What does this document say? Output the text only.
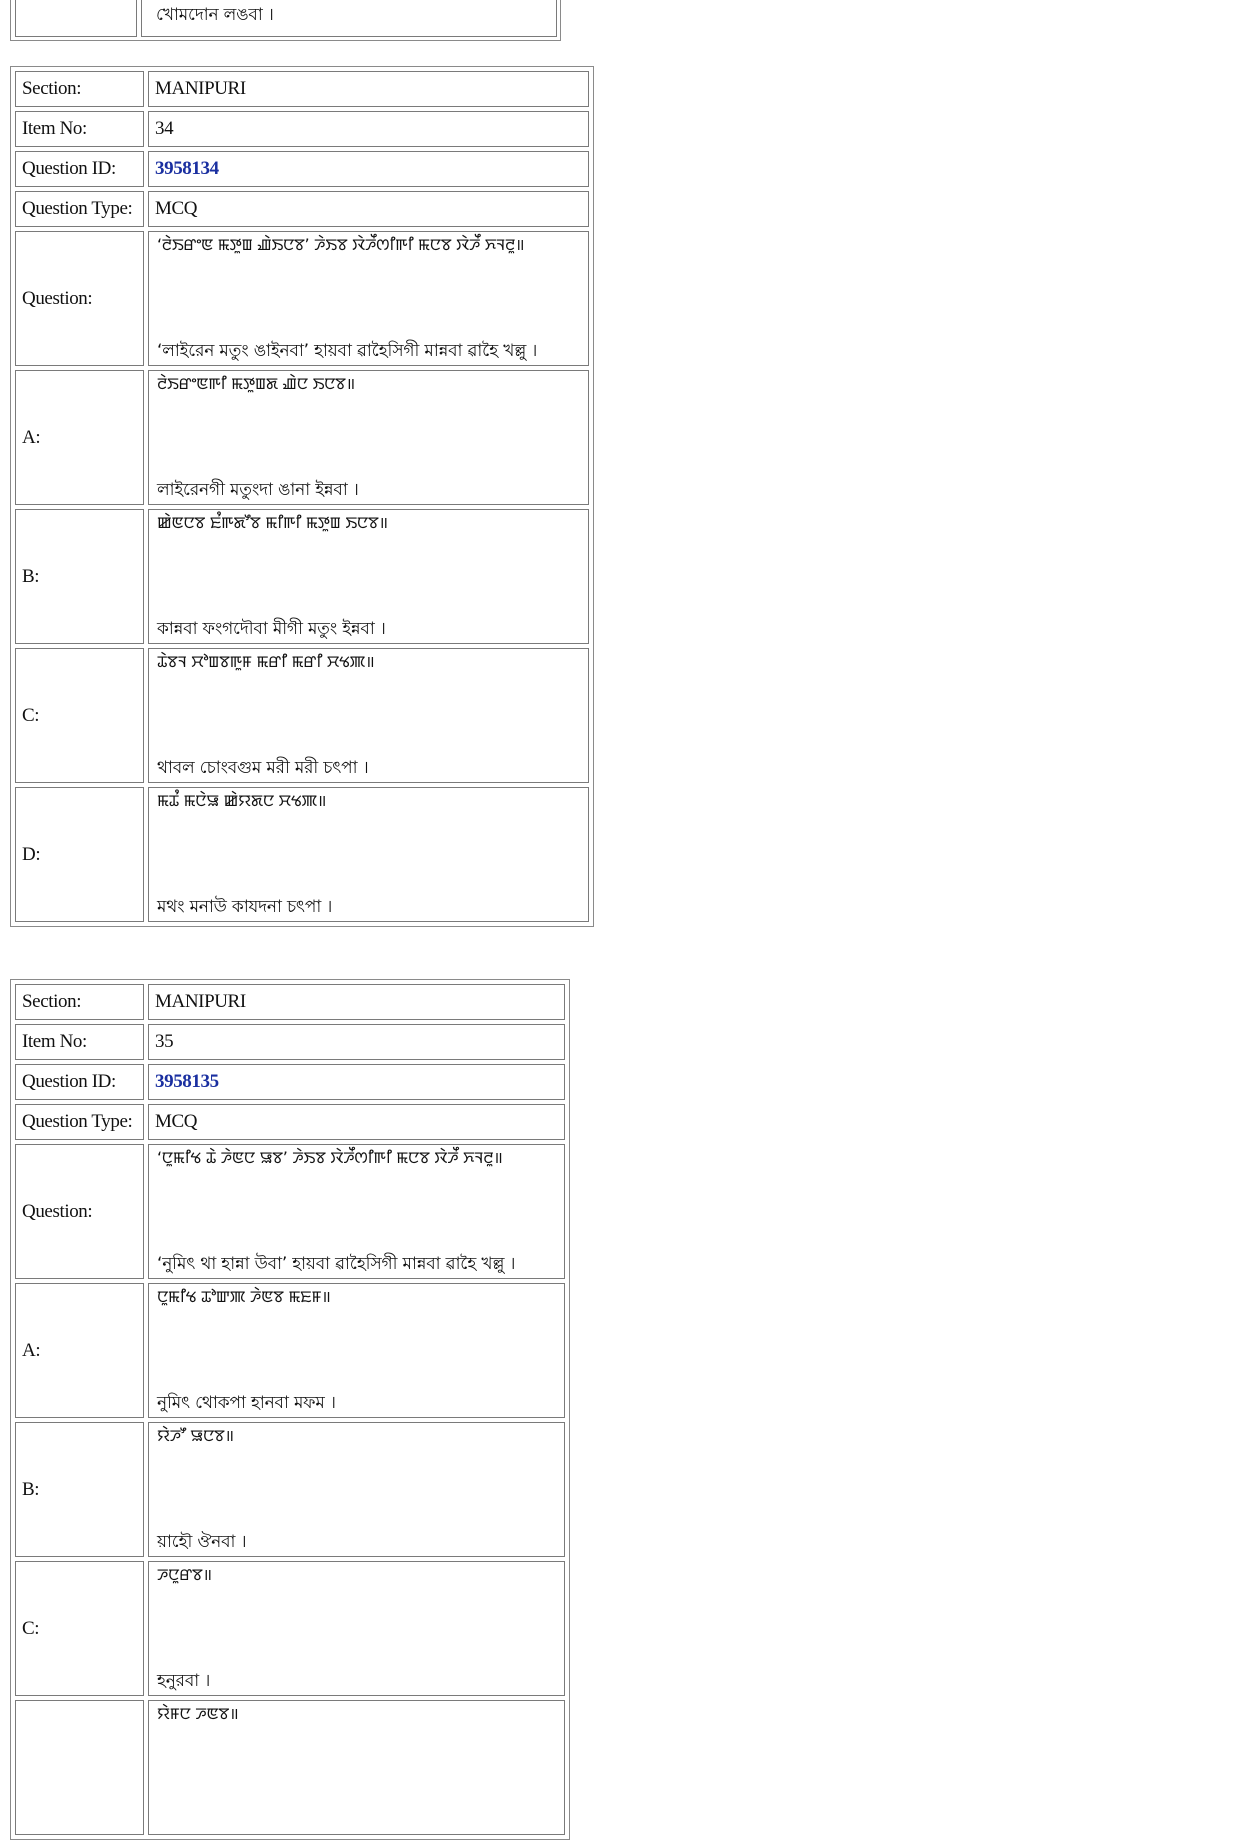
খোমদোন লঙবা ।
Section:	MANIPURI
Item No:	34
Question ID:	3958134
Question Type:	MCQ
Question:	‘ꯂꯥꯏꯔꯦꯟ ꯃꯇꯨꯡ ꯉꯥꯏꯅꯕ’ ꯍꯥꯏꯕ ꯋꯥꯍꯩꯁꯤꯒꯤ ꯃꯅꯕ ꯋꯥꯍꯩ ꯈꯜꯂꯨ॥
‘লাইরেন মতুং ঙাইনবা’ হায়বা ৱাহৈসিগী মান্নবা ৱাহৈ খল্লু ।

A:	ꯂꯥꯏꯔꯦꯟꯒꯤ ꯃꯇꯨꯡꯗ ꯉꯥꯅ ꯏꯅꯕ॥
লাইরেনগী মতুংদা ঙানা ইন্নবা ।

B:	ꯀꯥꯟꯅꯕ ꯐꯪꯒꯗꯧꯕ ꯃꯤꯒꯤ ꯃꯇꯨꯡ ꯏꯅꯕ॥
কান্নবা ফংগদৌবা মীগী মতুং ইন্নবা ।

C:	ꯊꯥꯕꯜ ꯆꯣꯡꯕꯒꯨꯝ ꯃꯔꯤ ꯃꯔꯤ ꯆꯠꯄ॥
থাবল চোংবগুম মরী মরী চৎপা ।

D:	ꯃꯊꯪ ꯃꯅꯥꯎ ꯀꯥꯌꯗꯅ ꯆꯠꯄ॥
মথং মনাউ কাযদনা চৎপা ।
Section:	MANIPURI
Item No:	35
Question ID:	3958135
Question Type:	MCQ
Question:	‘ꯅꯨꯃꯤꯠ ꯊꯥ ꯍꯥꯟꯅ ꯎꯕ’ ꯍꯥꯏꯕ ꯋꯥꯍꯩꯁꯤꯒꯤ ꯃꯅꯕ ꯋꯥꯍꯩ ꯈꯜꯂꯨ॥
‘নুমিৎ থা হান্না উবা’ হায়বা ৱাহৈসিগী মান্নবা ৱাহৈ খল্লু ।

A:	ꯅꯨꯃꯤꯠ ꯊꯣꯛꯄ ꯍꯥꯟꯕ ꯃꯐꯝ॥
নুমিৎ থোকপা হানবা মফম ।

B:	ꯌꯥꯍꯧ ꯎꯅꯕ॥
য়াহৌ ঔনবা ।

C:	ꯍꯅꯨꯔꯕ॥
হনুরবা ।

	ꯌꯥꯝꯅ ꯍꯟꯕ॥
